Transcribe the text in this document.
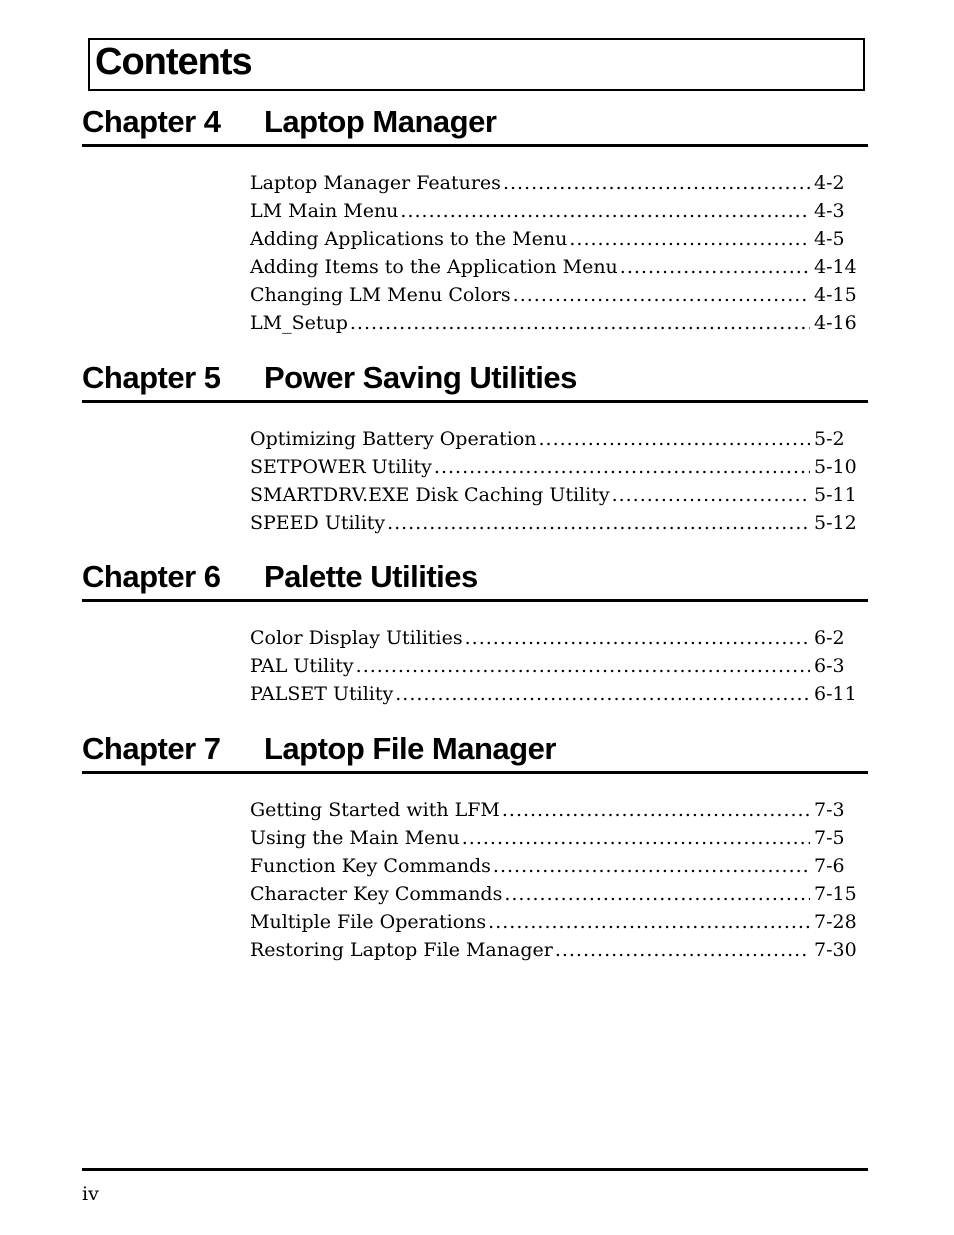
Contents
Chapter 4 Laptop Manager
Laptop Manager Features .....	4-2
LM Main Menu .....	4-3
Adding Applications to the Menu .....	4-5
Adding Items to the Application Menu .....	4-14
Changing LM Menu Colors .....	4-15
LM_Setup .....	4-16
Chapter 5 Power Saving Utilities
Optimizing Battery Operation .....	5-2
SETPOWER Utility .....	5-10
SMARTDRV.EXE Disk Caching Utility .....	5-11
SPEED Utility .....	5-12
Chapter 6 Palette Utilities
Color Display Utilities .....	6-2
PAL Utility .....	6-3
PALSET Utility .....	6-11
Chapter 7 Laptop File Manager
Getting Started with LFM .....	7-3
Using the Main Menu .....	7-5
Function Key Commands .....	7-6
Character Key Commands .....	7-15
Multiple File Operations .....	7-28
Restoring Laptop File Manager .....	7-30
iv
